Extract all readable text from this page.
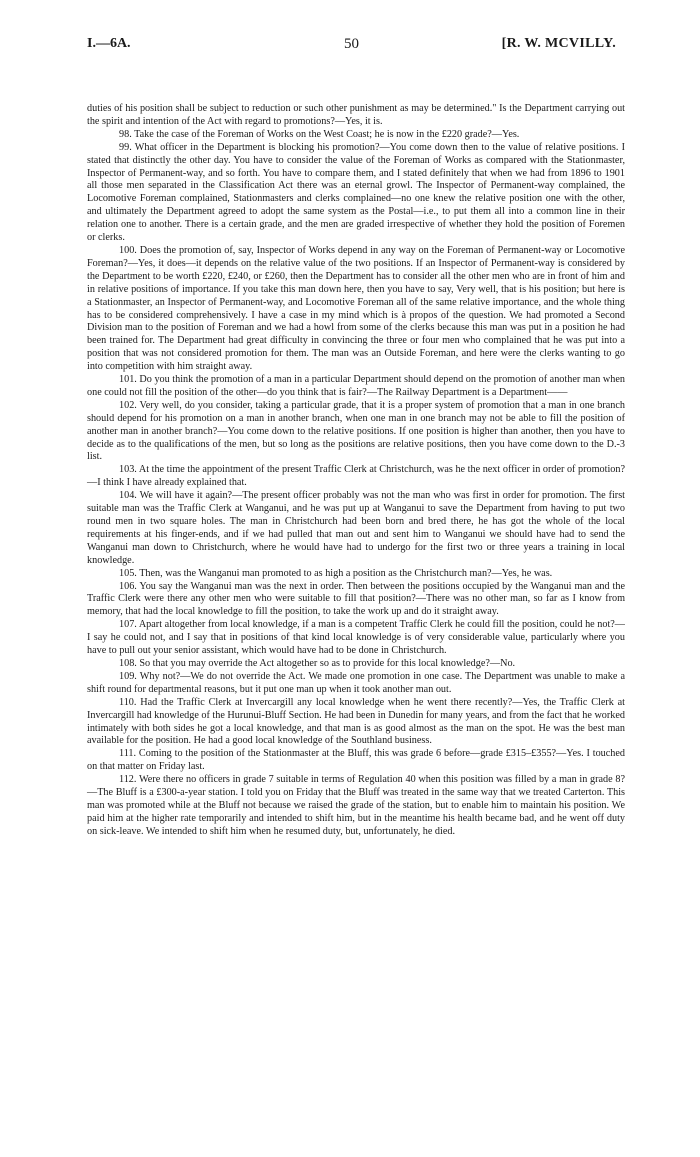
I.—6A.	50	[R. W. MCVILLY.

duties of his position shall be subject to reduction or such other punishment as may be determined." Is the Department carrying out the spirit and intention of the Act with regard to promotions?—Yes, it is.

98. Take the case of the Foreman of Works on the West Coast; he is now in the £220 grade?—Yes.

99. What officer in the Department is blocking his promotion?—You come down then to the value of relative positions. I stated that distinctly the other day. You have to consider the value of the Foreman of Works as compared with the Stationmaster, Inspector of Permanent-way, and so forth. You have to compare them, and I stated definitely that when we had from 1896 to 1901 all those men separated in the Classification Act there was an eternal growl. The Inspector of Permanent-way complained, the Locomotive Foreman complained, Stationmasters and clerks complained—no one knew the relative position one with the other, and ultimately the Department agreed to adopt the same system as the Postal—i.e., to put them all into a common line in their relation one to another. There is a certain grade, and the men are graded irrespective of whether they hold the position of Foremen or clerks.

100. Does the promotion of, say, Inspector of Works depend in any way on the Foreman of Permanent-way or Locomotive Foreman?—Yes, it does—it depends on the relative value of the two positions. If an Inspector of Permanent-way is considered by the Department to be worth £220, £240, or £260, then the Department has to consider all the other men who are in front of him and in relative positions of importance. If you take this man down here, then you have to say, Very well, that is his position; but here is a Stationmaster, an Inspector of Permanent-way, and Locomotive Foreman all of the same relative importance, and the whole thing has to be considered comprehensively. I have a case in my mind which is à propos of the question. We had promoted a Second Division man to the position of Foreman and we had a howl from some of the clerks because this man was put in a position he had been trained for. The Department had great difficulty in convincing the three or four men who complained that he was put into a position that was not considered promotion for them. The man was an Outside Foreman, and here were the clerks wanting to go into competition with him straight away.

101. Do you think the promotion of a man in a particular Department should depend on the promotion of another man when one could not fill the position of the other—do you think that is fair?—The Railway Department is a Department——

102. Very well, do you consider, taking a particular grade, that it is a proper system of promotion that a man in one branch should depend for his promotion on a man in another branch, when one man in one branch may not be able to fill the position of another man in another branch?—You come down to the relative positions. If one position is higher than another, then you have to decide as to the qualifications of the men, but so long as the positions are relative positions, then you have come down to the D.-3 list.

103. At the time the appointment of the present Traffic Clerk at Christchurch, was he the next officer in order of promotion?—I think I have already explained that.

104. We will have it again?—The present officer probably was not the man who was first in order for promotion. The first suitable man was the Traffic Clerk at Wanganui, and he was put up at Wanganui to save the Department from having to put two round men in two square holes. The man in Christchurch had been born and bred there, he has got the whole of the local requirements at his finger-ends, and if we had pulled that man out and sent him to Wanganui we should have had to send the Wanganui man down to Christchurch, where he would have had to undergo for the first two or three years a training in local knowledge.

105. Then, was the Wanganui man promoted to as high a position as the Christchurch man?—Yes, he was.

106. You say the Wanganui man was the next in order. Then between the positions occupied by the Wanganui man and the Traffic Clerk were there any other men who were suitable to fill that position?—There was no other man, so far as I know from memory, that had the local knowledge to fill the position, to take the work up and do it straight away.

107. Apart altogether from local knowledge, if a man is a competent Traffic Clerk he could fill the position, could he not?—I say he could not, and I say that in positions of that kind local knowledge is of very considerable value, particularly where you have to pull out your senior assistant, which would have had to be done in Christchurch.

108. So that you may override the Act altogether so as to provide for this local knowledge?—No.

109. Why not?—We do not override the Act. We made one promotion in one case. The Department was unable to make a shift round for departmental reasons, but it put one man up when it took another man out.

110. Had the Traffic Clerk at Invercargill any local knowledge when he went there recently?—Yes, the Traffic Clerk at Invercargill had knowledge of the Hurunui-Bluff Section. He had been in Dunedin for many years, and from the fact that he worked intimately with both sides he got a local knowledge, and that man is as good almost as the man on the spot. He was the best man available for the position. He had a good local knowledge of the Southland business.

111. Coming to the position of the Stationmaster at the Bluff, this was grade 6 before—grade £315–£355?—Yes. I touched on that matter on Friday last.

112. Were there no officers in grade 7 suitable in terms of Regulation 40 when this position was filled by a man in grade 8?—The Bluff is a £300-a-year station. I told you on Friday that the Bluff was treated in the same way that we treated Carterton. This man was promoted while at the Bluff not because we raised the grade of the station, but to enable him to maintain his position. We paid him at the higher rate temporarily and intended to shift him, but in the meantime his health became bad, and he went off duty on sick-leave. We intended to shift him when he resumed duty, but, unfortunately, he died.
